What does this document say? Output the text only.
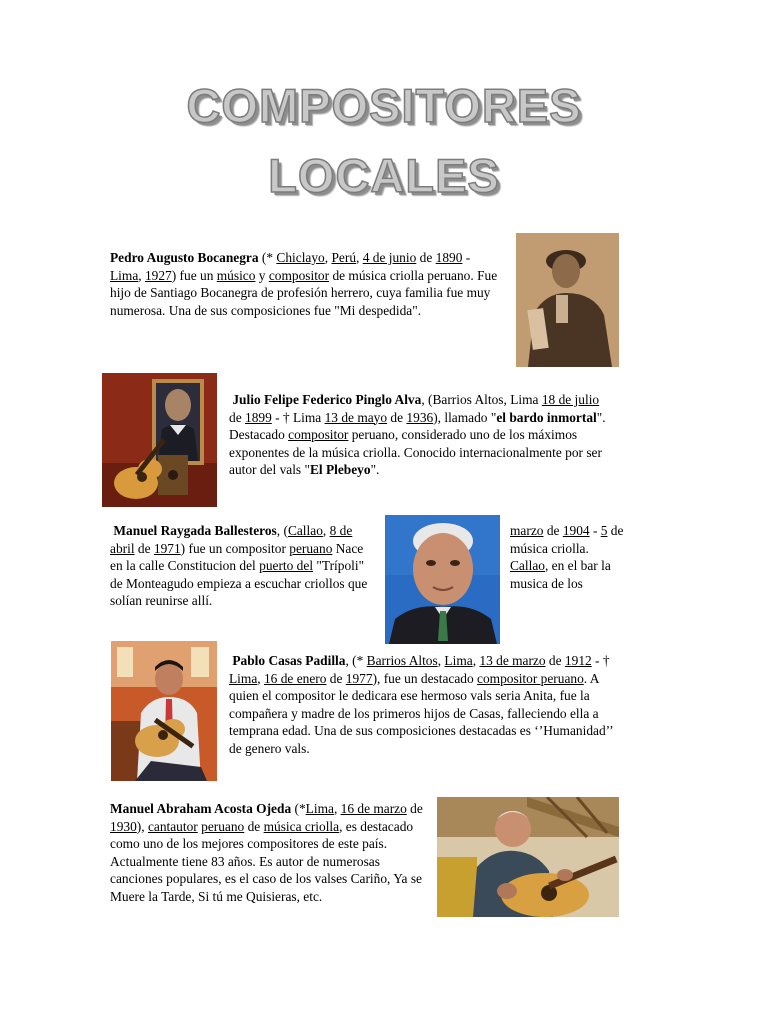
COMPOSITORES
LOCALES

Pedro Augusto Bocanegra (* Chiclayo, Perú, 4 de junio de 1890 - Lima, 1927) fue un músico y compositor de música criolla peruano. Fue hijo de Santiago Bocanegra de profesión herrero, cuya familia fue muy numerosa. Una de sus composiciones fue "Mi despedida".

Julio Felipe Federico Pinglo Alva, (Barrios Altos, Lima 18 de julio de 1899 - † Lima 13 de mayo de 1936), llamado "el bardo inmortal". Destacado compositor peruano, considerado uno de los máximos exponentes de la música criolla. Conocido internacionalmente por ser autor del vals "El Plebeyo".

Manuel Raygada Ballesteros, (Callao, 8 de abril de 1971) fue un compositor peruano Nace en la calle Constitucion del puerto del "Trípoli" de Monteagudo empieza a escuchar criollos que solían reunirse allí.

marzo de 1904 - 5 de música criolla. Callao, en el bar la musica de los

Pablo Casas Padilla, (* Barrios Altos, Lima, 13 de marzo de 1912 - † Lima, 16 de enero de 1977), fue un destacado compositor peruano. A quien el compositor le dedicara ese hermoso vals seria Anita, fue la compañera y madre de los primeros hijos de Casas, falleciendo ella a temprana edad. Una de sus composiciones destacadas es ‘’Humanidad’’ de genero vals.

Manuel Abraham Acosta Ojeda (*Lima, 16 de marzo de 1930), cantautor peruano de música criolla, es destacado como uno de los mejores compositores de este país. Actualmente tiene 83 años. Es autor de numerosas canciones populares, es el caso de los valses Cariño, Ya se Muere la Tarde, Si tú me Quisieras, etc.
